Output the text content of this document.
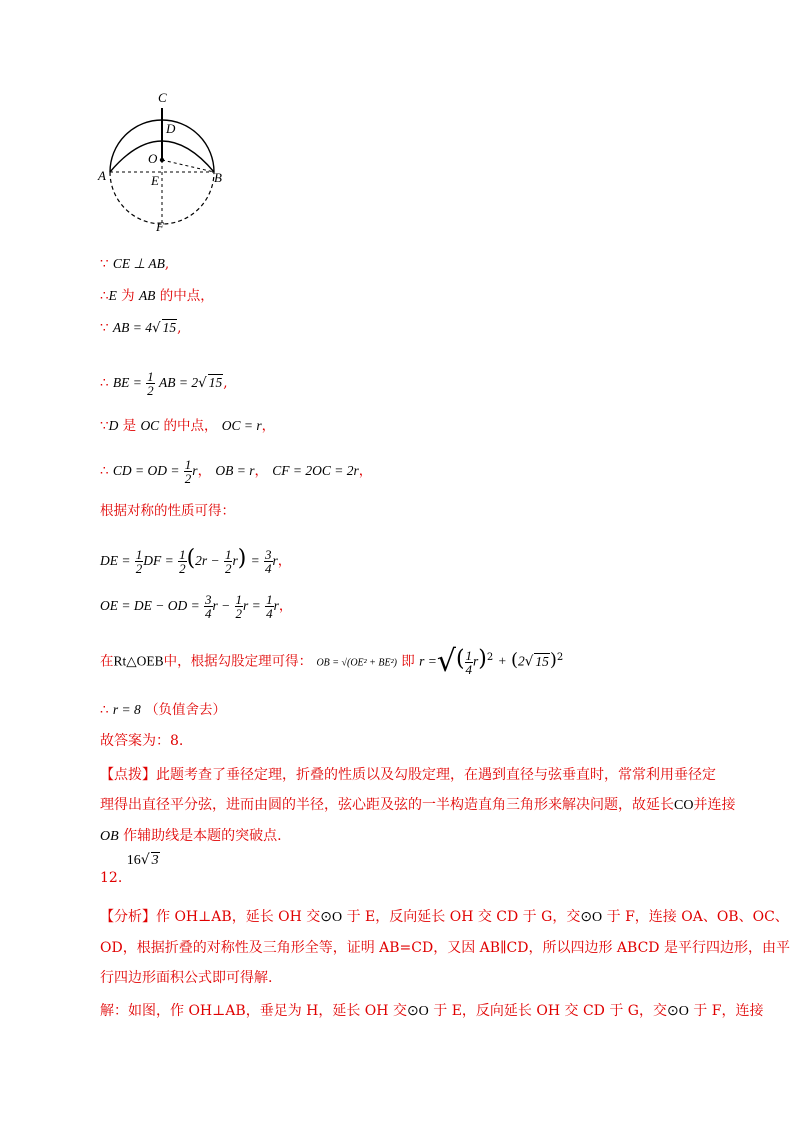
C
D
O
A	E	B
F
∵ CE ⊥ AB,
∴E 为 AB 的中点，
∵ AB = 4√ 15,
∴ BE = $\frac{1}{2}$ AB = 2√ 15,
∵D 是 OC 的中点， OC = r，
∴ CD = OD = $\frac{1}{2}$ r， OB = r， CF = 2OC = 2r，
根据对称的性质可得：
DE = $\frac{1}{2}$ DF = $\frac{1}{2} (2r - \frac{1}{2} r) = \frac{3}{4}$ r，
OE = DE − OD = $\frac{3}{4}$ $r - \frac{1}{2}$ $r = \frac{1}{4}$ r，
在Rt△OEB中，根据勾股定理可得： OB = √(OE² + BE²) 即 r =√( $\frac{1}{4} r)^2 + (2√$ 15)$^2$
∴ r = 8 （负值舍去）
故答案为：8.
【点拨】此题考查了垂径定理，折叠的性质以及勾股定理，在遇到直径与弦垂直时，常常利用垂径定
理得出直径平分弦，进而由圆的半径，弦心距及弦的一半构造直角三角形来解决问题，故延长CO并连接
OB 作辅助线是本题的突破点.
12. 16√ 3
【分析】作 OH⊥AB，延长 OH 交⊙O 于 E，反向延长 OH 交 CD 于 G，交⊙O 于 F，连接 OA、OB、OC、
OD，根据折叠的对称性及三角形全等，证明 AB=CD，又因 AB∥CD，所以四边形 ABCD 是平行四边形，由平
行四边形面积公式即可得解.
解：如图，作 OH⊥AB，垂足为 H，延长 OH 交⊙O 于 E，反向延长 OH 交 CD 于 G，交⊙O 于 F，连接
